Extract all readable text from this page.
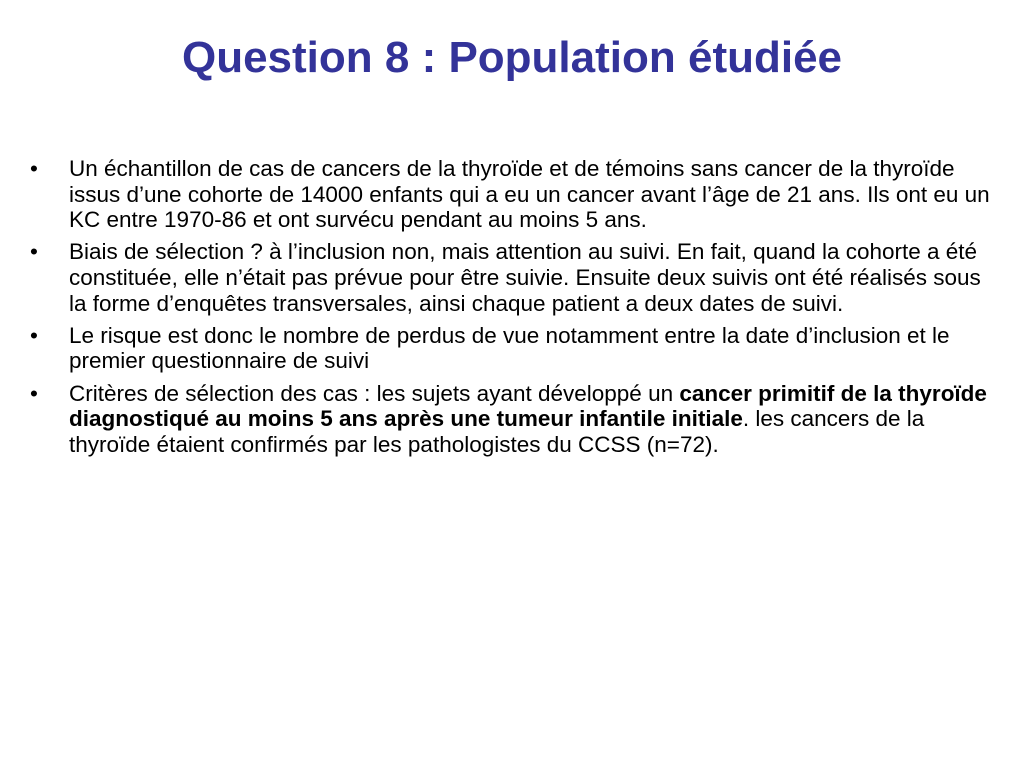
Question 8 : Population étudiée
•	Un échantillon de cas de cancers de la thyroïde et de témoins sans cancer de la thyroïde issus d’une cohorte de 14000 enfants qui a eu un cancer avant l’âge de 21 ans. Ils ont eu un KC entre 1970-86 et ont survécu pendant au moins 5 ans.
•	Biais de sélection ? à l’inclusion non, mais attention au suivi. En fait, quand la cohorte a été constituée, elle n’était pas prévue pour être suivie. Ensuite deux suivis ont été réalisés sous la forme d’enquêtes transversales, ainsi chaque patient a deux dates de suivi.
•	Le risque est donc le nombre de perdus de vue notamment entre la date d’inclusion et le premier questionnaire de suivi
•	Critères de sélection des cas : les sujets ayant développé un cancer primitif de la thyroïde diagnostiqué au moins 5 ans après une tumeur infantile initiale. les cancers de la thyroïde étaient confirmés par les pathologistes du CCSS (n=72).
